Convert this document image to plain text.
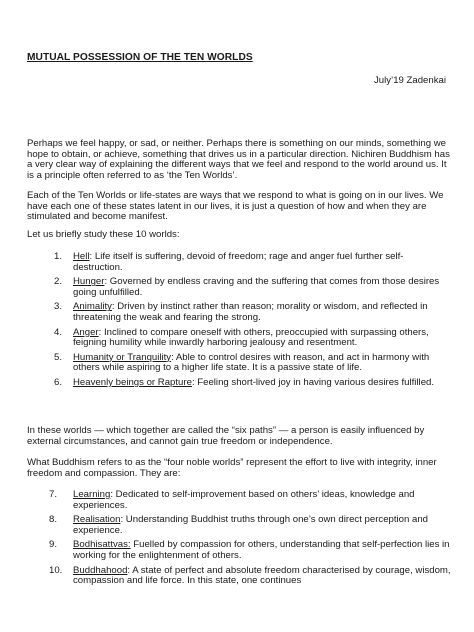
MUTUAL POSSESSION OF THE TEN WORLDS
July’19 Zadenkai

Perhaps we feel happy, or sad, or neither. Perhaps there is something on our minds, something we hope to obtain, or achieve, something that drives us in a particular direction. Nichiren Buddhism has a very clear way of explaining the different ways that we feel and respond to the world around us. It is a principle often referred to as ‘the Ten Worlds’.

Each of the Ten Worlds or life-states are ways that we respond to what is going on in our lives. We have each one of these states latent in our lives, it is just a question of how and when they are stimulated and become manifest.

Let us briefly study these 10 worlds:

1.	Hell: Life itself is suffering, devoid of freedom; rage and anger fuel further self-destruction.
2.	Hunger: Governed by endless craving and the suffering that comes from those desires going unfulfilled.
3.	Animality: Driven by instinct rather than reason; morality or wisdom, and reflected in threatening the weak and fearing the strong.
4.	Anger: Inclined to compare oneself with others, preoccupied with surpassing others, feigning humility while inwardly harboring jealousy and resentment.
5.	Humanity or Tranquility: Able to control desires with reason, and act in harmony with others while aspiring to a higher life state. It is a passive state of life.
6.	Heavenly beings or Rapture: Feeling short-lived joy in having various desires fulfilled.

In these worlds — which together are called the “six paths” — a person is easily influenced by external circumstances, and cannot gain true freedom or independence.

What Buddhism refers to as the “four noble worlds” represent the effort to live with integrity, inner freedom and compassion. They are:

7.	Learning: Dedicated to self-improvement based on others’ ideas, knowledge and experiences.
8.	Realisation: Understanding Buddhist truths through one’s own direct perception and experience.
9.	Bodhisattvas: Fuelled by compassion for others, understanding that self-perfection lies in working for the enlightenment of others.
10.	Buddhahood: A state of perfect and absolute freedom characterised by courage, wisdom, compassion and life force. In this state, one continues
